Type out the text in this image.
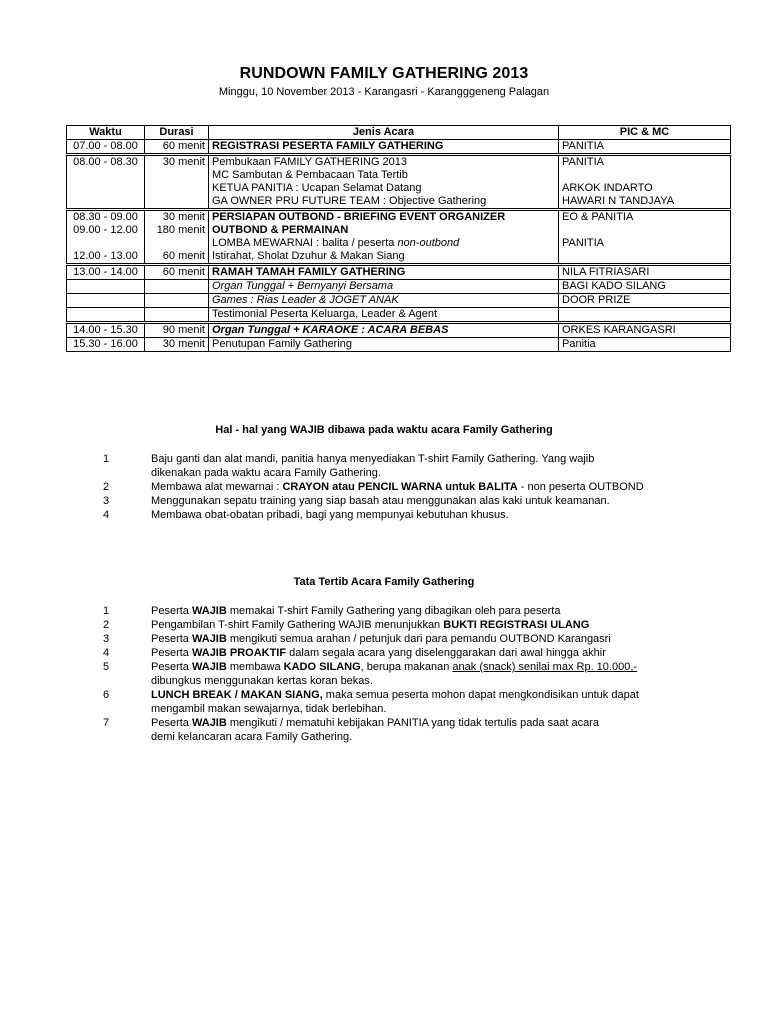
RUNDOWN FAMILY GATHERING 2013
Minggu, 10 November 2013 - Karangasri - Karangggeneng Palagan
Waktu	Durasi	Jenis Acara	PIC & MC
07.00 - 08.00	60 menit	REGISTRASI PESERTA FAMILY GATHERING	PANITIA
08.00 - 08.30	30 menit	Pembukaan FAMILY GATHERING 2013	PANITIA
		MC Sambutan & Pembacaan Tata Tertib	
		KETUA PANITIA : Ucapan Selamat Datang	ARKOK INDARTO
		GA OWNER PRU FUTURE TEAM : Objective Gathering	HAWARI N TANDJAYA
08.30 - 09.00	30 menit	PERSIAPAN OUTBOND - BRIEFING EVENT ORGANIZER	EO & PANITIA
09.00 - 12.00	180 menit	OUTBOND & PERMAINAN	
		LOMBA MEWARNAI : balita / peserta non-outbond	PANITIA
12.00 - 13.00	60 menit	Istirahat, Sholat Dzuhur & Makan Siang	
13.00 - 14.00	60 menit	RAMAH TAMAH FAMILY GATHERING	NILA FITRIASARI
		Organ Tunggal + Bernyanyi Bersama	BAGI KADO SILANG
		Games : Rias Leader & JOGET ANAK	DOOR PRIZE
		Testimonial Peserta Keluarga, Leader & Agent	
14.00 - 15.30	90 menit	Organ Tunggal + KARAOKE : ACARA BEBAS	ORKES KARANGASRI
15.30 - 16.00	30 menit	Penutupan Family Gathering	Panitia
Hal - hal yang WAJIB dibawa pada waktu acara Family Gathering
1	Baju ganti dan alat mandi, panitia hanya menyediakan T-shirt Family Gathering. Yang wajib
dikenakan pada waktu acara Family Gathering.
2	Membawa alat mewarnai : CRAYON atau PENCIL WARNA untuk BALITA - non peserta OUTBOND
3	Menggunakan sepatu training yang siap basah atau menggunakan alas kaki untuk keamanan.
4	Membawa obat-obatan pribadi, bagi yang mempunyai kebutuhan khusus.
Tata Tertib Acara Family Gathering
1	Peserta WAJIB memakai T-shirt Family Gathering yang dibagikan oleh para peserta
2	Pengambilan T-shirt Family Gathering WAJIB menunjukkan BUKTI REGISTRASI ULANG
3	Peserta WAJIB mengikuti semua arahan / petunjuk dari para pemandu OUTBOND Karangasri
4	Peserta WAJIB PROAKTIF dalam segala acara yang diselenggarakan dari awal hingga akhir
5	Peserta WAJIB membawa KADO SILANG, berupa makanan anak (snack) senilai max Rp. 10.000,-
dibungkus menggunakan kertas koran bekas.
6	LUNCH BREAK / MAKAN SIANG, maka semua peserta mohon dapat mengkondisikan untuk dapat
mengambil makan sewajarnya, tidak berlebihan.
7	Peserta WAJIB mengikuti / mematuhi kebijakan PANITIA yang tidak tertulis pada saat acara
demi kelancaran acara Family Gathering.
